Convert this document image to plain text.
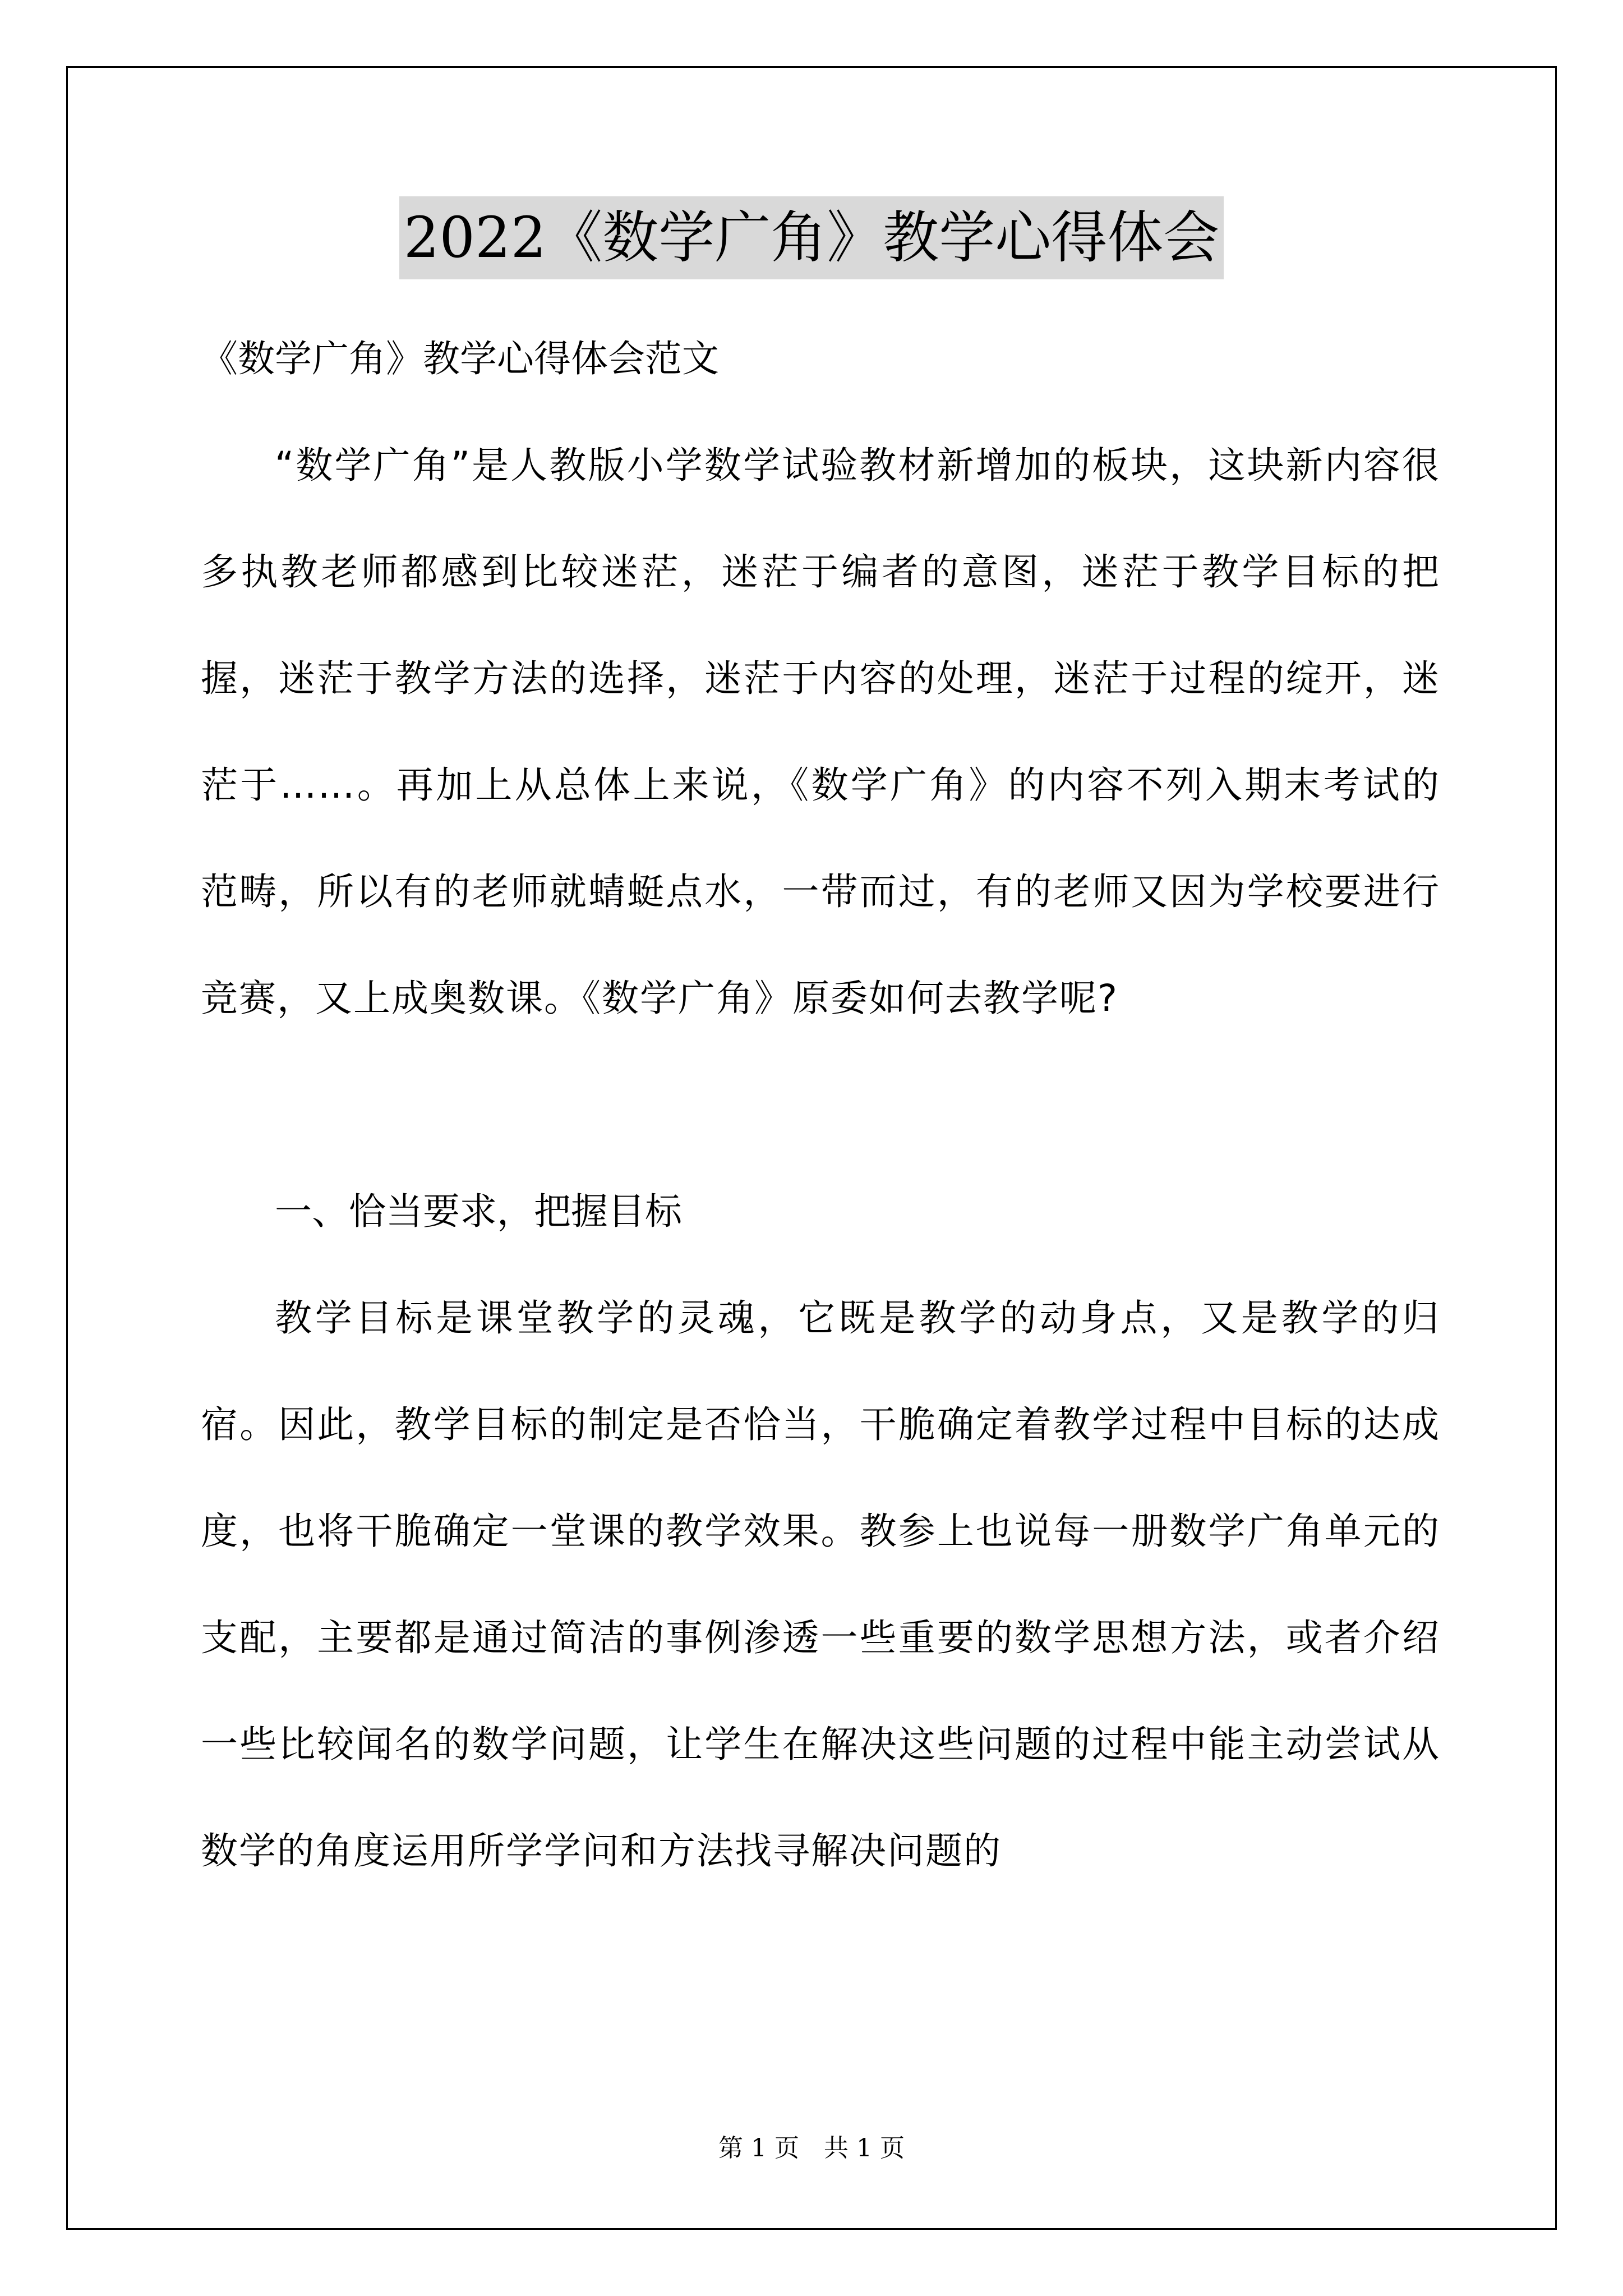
2022《数学广角》教学心得体会

《数学广角》教学心得体会范文

“数学广角”是人教版小学数学试验教材新增加的板块，这块新内容很多执教老师都感到比较迷茫，迷茫于编者的意图，迷茫于教学目标的把握，迷茫于教学方法的选择，迷茫于内容的处理，迷茫于过程的绽开，迷茫于……。再加上从总体上来说，《数学广角》的内容不列入期末考试的范畴，所以有的老师就蜻蜓点水，一带而过，有的老师又因为学校要进行竞赛，又上成奥数课。《数学广角》原委如何去教学呢?

一、恰当要求，把握目标

教学目标是课堂教学的灵魂，它既是教学的动身点，又是教学的归宿。因此，教学目标的制定是否恰当，干脆确定着教学过程中目标的达成度，也将干脆确定一堂课的教学效果。教参上也说每一册数学广角单元的支配，主要都是通过简洁的事例渗透一些重要的数学思想方法，或者介绍一些比较闻名的数学问题，让学生在解决这些问题的过程中能主动尝试从数学的角度运用所学学问和方法找寻解决问题的

第 1 页　共 1 页
